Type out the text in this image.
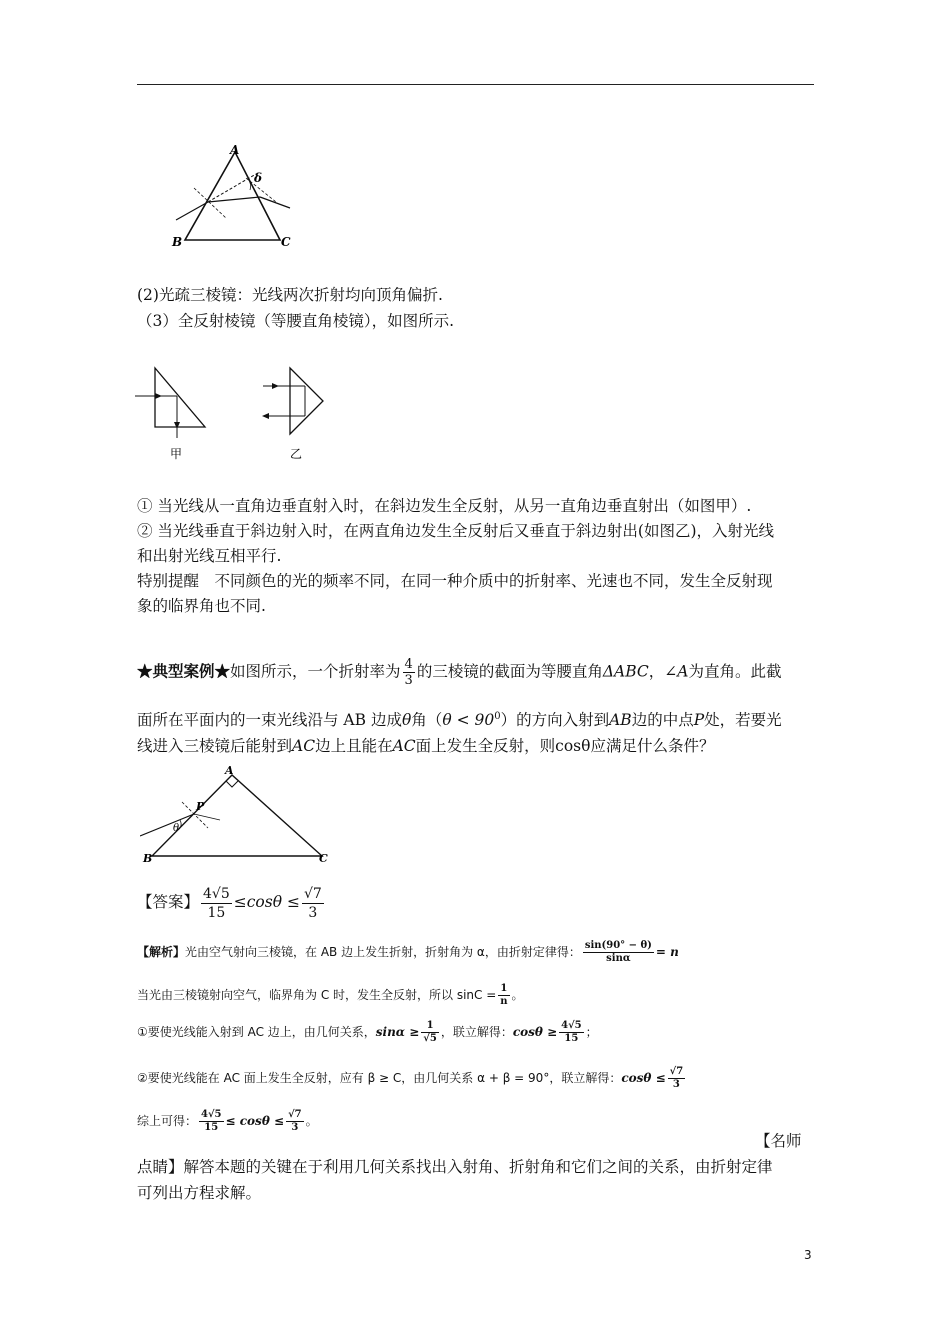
A
B	C
δ
(2)光疏三棱镜：光线两次折射均向顶角偏折.
（3）全反射棱镜（等腰直角棱镜），如图所示.
甲	乙
① 当光线从一直角边垂直射入时，在斜边发生全反射，从另一直角边垂直射出（如图甲）.
② 当光线垂直于斜边射入时，在两直角边发生全反射后又垂直于斜边射出(如图乙)，入射光线
和出射光线互相平行.
特别提醒　不同颜色的光的频率不同，在同一种介质中的折射率、光速也不同，发生全反射现
象的临界角也不同.
★典型案例★如图所示，一个折射率为 $\frac{4}{3}$ 的三棱镜的截面为等腰直角ΔABC，∠A为直角。此截
面所在平面内的一束光线沿与 AB 边成θ角$(\theta < 90^0)$的方向入射到AB边的中点P处，若要光
线进入三棱镜后能射到AC边上且能在AC面上发生全反射，则cosθ应满足什么条件？
A
B	C
P
θ
【答案】 $\frac{4√5}{15} \le\cos\theta \le \frac{√7}{3}$
【解析】光由空气射向三棱镜，在 AB 边上发生折射，折射角为 α，由折射定律得： $\frac{\sin(90^\circ - \theta)}{\sin\alpha} = n$
当光由三棱镜射向空气，临界角为 C 时，发生全反射，所以 $\sin C = \frac{1}{n}$ 。
①要使光线能入射到 AC 边上，由几何关系，$\sin\alpha \ge \frac{1}{√5}$ ，联立解得：$\cos\theta \ge \frac{4√5}{15}$ ；
②要使光线能在 AC 面上发生全反射，应有 β ≥ C，由几何关系 α + β = 90°，联立解得：$\cos\theta \le \frac{√7}{3}$
综上可得： $\frac{4√5}{15} \le \cos\theta \le \frac{√7}{3}$ 。
【名师
点睛】解答本题的关键在于利用几何关系找出入射角、折射角和它们之间的关系，由折射定律
可列出方程求解。
3
